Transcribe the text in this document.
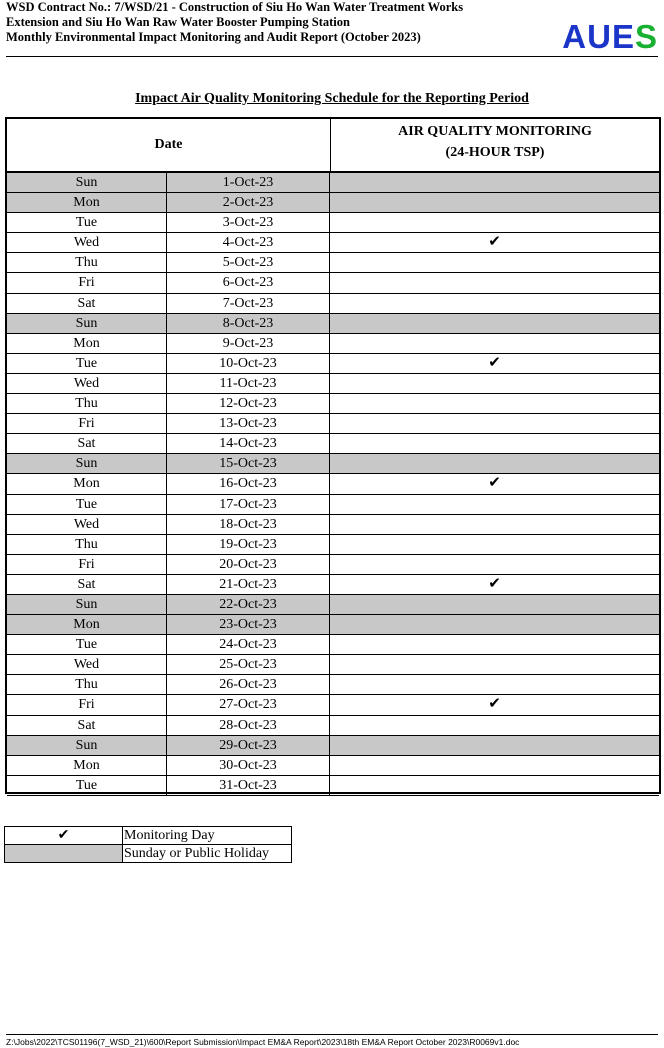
WSD Contract No.: 7/WSD/21 - Construction of Siu Ho Wan Water Treatment Works
Extension and Siu Ho Wan Raw Water Booster Pumping Station
Monthly Environmental Impact Monitoring and Audit Report (October 2023)	AUES
Impact Air Quality Monitoring Schedule for the Reporting Period
Date
AIR QUALITY MONITORING
(24-HOUR TSP)
Sun	1-Oct-23
Mon	2-Oct-23
Tue	3-Oct-23
Wed	4-Oct-23	✔
Thu	5-Oct-23
Fri	6-Oct-23
Sat	7-Oct-23
Sun	8-Oct-23
Mon	9-Oct-23
Tue	10-Oct-23	✔
Wed	11-Oct-23
Thu	12-Oct-23
Fri	13-Oct-23
Sat	14-Oct-23
Sun	15-Oct-23
Mon	16-Oct-23	✔
Tue	17-Oct-23
Wed	18-Oct-23
Thu	19-Oct-23
Fri	20-Oct-23
Sat	21-Oct-23	✔
Sun	22-Oct-23
Mon	23-Oct-23
Tue	24-Oct-23
Wed	25-Oct-23
Thu	26-Oct-23
Fri	27-Oct-23	✔
Sat	28-Oct-23
Sun	29-Oct-23
Mon	30-Oct-23
Tue	31-Oct-23
✔	Monitoring Day
Sunday or Public Holiday
Z:\Jobs\2022\TCS01196(7_WSD_21)\600\Report Submission\Impact EM&A Report\2023\18th EM&A Report October 2023\R0069v1.doc
